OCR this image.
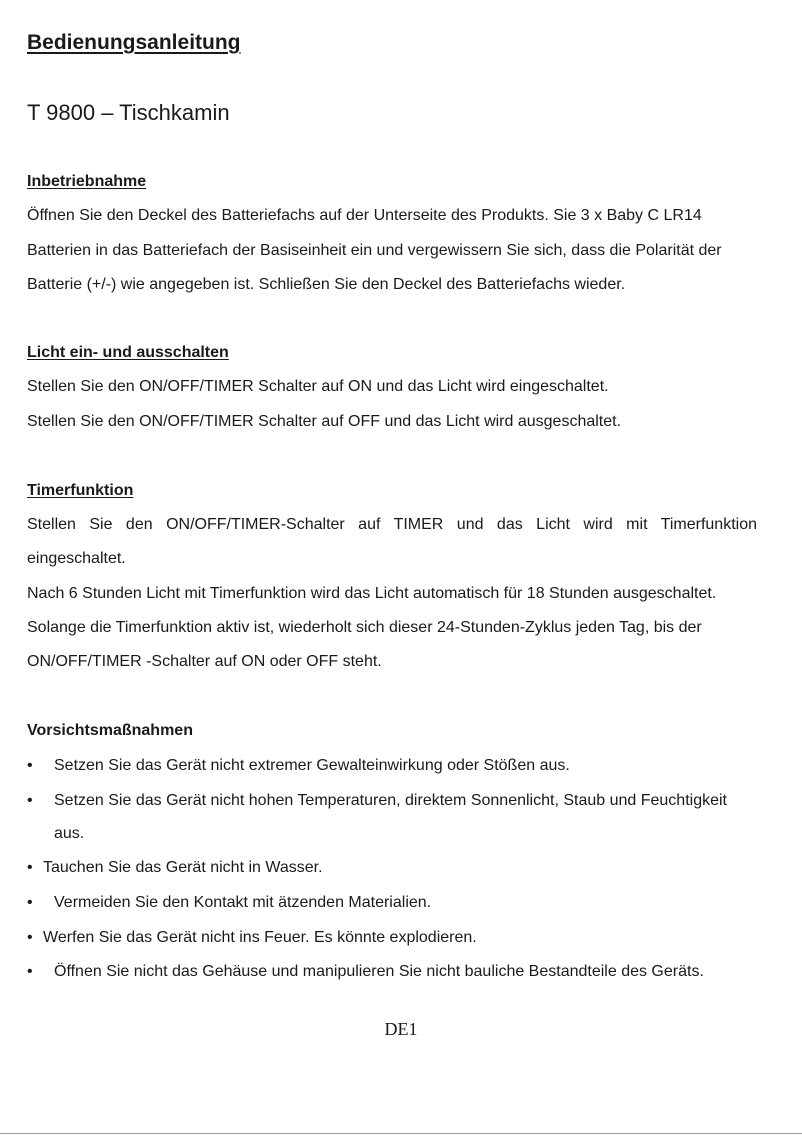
Bedienungsanleitung
T 9800 – Tischkamin
Inbetriebnahme

Öffnen Sie den Deckel des Batteriefachs auf der Unterseite des Produkts. Sie 3 x Baby C LR14

Batterien in das Batteriefach der Basiseinheit ein und vergewissern Sie sich, dass die Polarität der

Batterie (+/-) wie angegeben ist. Schließen Sie den Deckel des Batteriefachs wieder.

Licht ein- und ausschalten

Stellen Sie den ON/OFF/TIMER Schalter auf ON und das Licht wird eingeschaltet.

Stellen Sie den ON/OFF/TIMER Schalter auf OFF und das Licht wird ausgeschaltet.

Timerfunktion

Stellen Sie den ON/OFF/TIMER-Schalter auf TIMER und das Licht wird mit Timerfunktion

eingeschaltet.

Nach 6 Stunden Licht mit Timerfunktion wird das Licht automatisch für 18 Stunden ausgeschaltet.

Solange die Timerfunktion aktiv ist, wiederholt sich dieser 24-Stunden-Zyklus jeden Tag, bis der

ON/OFF/TIMER -Schalter auf ON oder OFF steht.

Vorsichtsmaßnahmen
• Setzen Sie das Gerät nicht extremer Gewalteinwirkung oder Stößen aus.
• Setzen Sie das Gerät nicht hohen Temperaturen, direktem Sonnenlicht, Staub und Feuchtigkeit
aus.
• Tauchen Sie das Gerät nicht in Wasser.
• Vermeiden Sie den Kontakt mit ätzenden Materialien.
• Werfen Sie das Gerät nicht ins Feuer. Es könnte explodieren.
• Öffnen Sie nicht das Gehäuse und manipulieren Sie nicht bauliche Bestandteile des Geräts.
DE1
